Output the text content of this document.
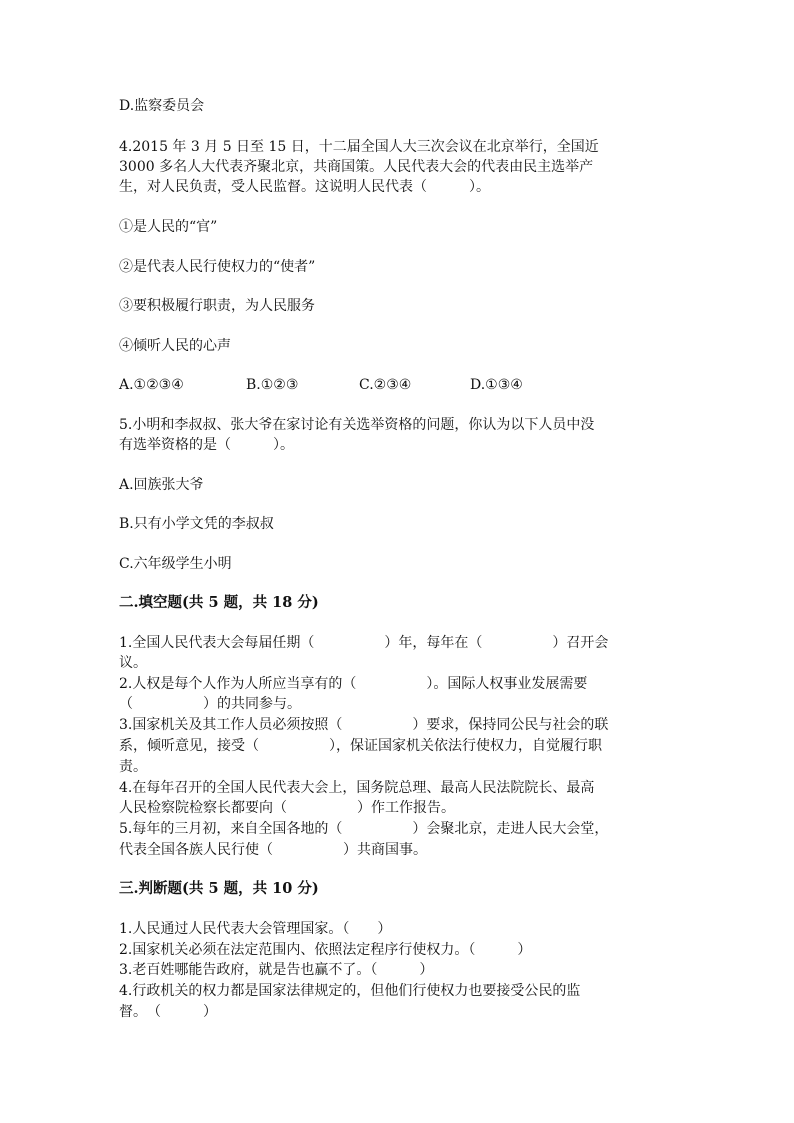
D.监察委员会
4.2015 年 3 月 5 日至 15 日，十二届全国人大三次会议在北京举行，全国近
3000 多名人大代表齐聚北京，共商国策。人民代表大会的代表由民主选举产
生，对人民负责，受人民监督。这说明人民代表（　　　）。
①是人民的“官”
②是代表人民行使权力的“使者”
③要积极履行职责，为人民服务
④倾听人民的心声
A.①②③④	B.①②③	C.②③④	D.①③④
5.小明和李叔叔、张大爷在家讨论有关选举资格的问题，你认为以下人员中没
有选举资格的是（　　　）。
A.回族张大爷
B.只有小学文凭的李叔叔
C.六年级学生小明
二.填空题(共 5 题，共 18 分)
1.全国人民代表大会每届任期（　　　　　）年，每年在（　　　　　）召开会
议。
2.人权是每个人作为人所应当享有的（　　　　　）。国际人权事业发展需要
（　　　　　）的共同参与。
3.国家机关及其工作人员必须按照（　　　　　）要求，保持同公民与社会的联
系，倾听意见，接受（　　　　　），保证国家机关依法行使权力，自觉履行职
责。
4.在每年召开的全国人民代表大会上，国务院总理、最高人民法院院长、最高
人民检察院检察长都要向（　　　　　）作工作报告。
5.每年的三月初，来自全国各地的（　　　　　）会聚北京，走进人民大会堂，
代表全国各族人民行使（　　　　　）共商国事。
三.判断题(共 5 题，共 10 分)
1.人民通过人民代表大会管理国家。（　　）
2.国家机关必须在法定范围内、依照法定程序行使权力。（　　　）
3.老百姓哪能告政府，就是告也赢不了。（　　　）
4.行政机关的权力都是国家法律规定的，但他们行使权力也要接受公民的监
督。　（　　　）
